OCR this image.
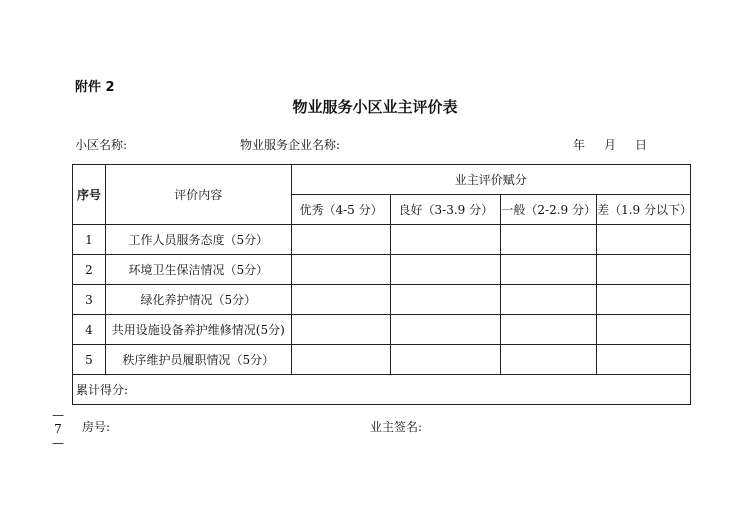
附件 2
物业服务小区业主评价表
小区名称:	物业服务企业名称:	年 月 日
序号	评价内容	业主评价赋分			
		优秀（4-5 分）	良好（3-3.9 分）	一般（2-2.9 分）	差（1.9 分以下）
1	工作人员服务态度（5分）				
2	环境卫生保洁情况（5分）				
3	绿化养护情况（5分）				
4	共用设施设备养护维修情况(5分)				
5	秩序维护员履职情况（5分）				
累计得分:					
— 7 —
房号:	业主签名:
